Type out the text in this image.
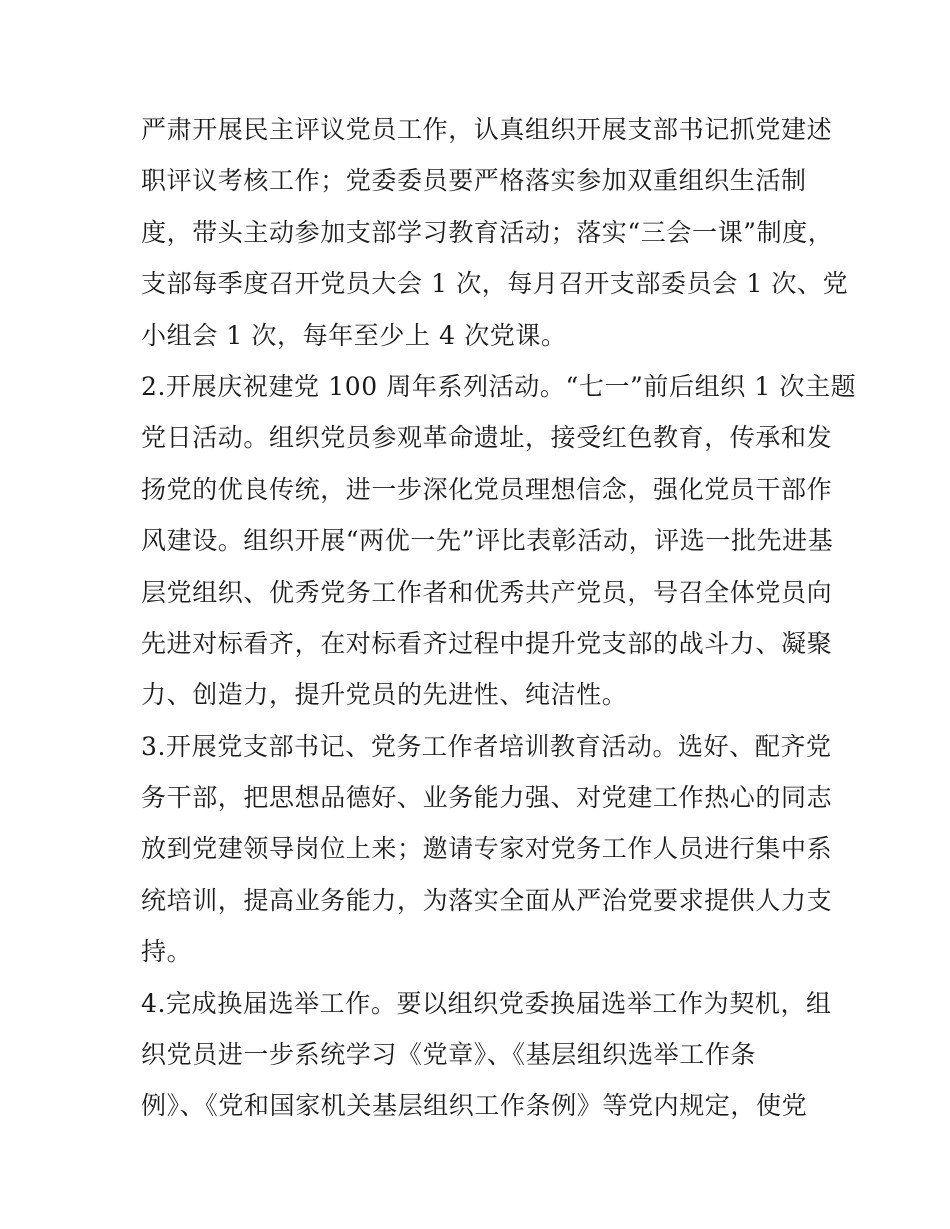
严肃开展民主评议党员工作，认真组织开展支部书记抓党建述
职评议考核工作；党委委员要严格落实参加双重组织生活制
度，带头主动参加支部学习教育活动；落实“三会一课”制度，
支部每季度召开党员大会 1 次，每月召开支部委员会 1 次、党
小组会 1 次，每年至少上 4 次党课。
2.开展庆祝建党 100 周年系列活动。“七一”前后组织 1 次主题
党日活动。组织党员参观革命遗址，接受红色教育，传承和发
扬党的优良传统，进一步深化党员理想信念，强化党员干部作
风建设。组织开展“两优一先”评比表彰活动，评选一批先进基
层党组织、优秀党务工作者和优秀共产党员，号召全体党员向
先进对标看齐，在对标看齐过程中提升党支部的战斗力、凝聚
力、创造力，提升党员的先进性、纯洁性。
3.开展党支部书记、党务工作者培训教育活动。选好、配齐党
务干部，把思想品德好、业务能力强、对党建工作热心的同志
放到党建领导岗位上来；邀请专家对党务工作人员进行集中系
统培训，提高业务能力，为落实全面从严治党要求提供人力支
持。
4.完成换届选举工作。要以组织党委换届选举工作为契机，组
织党员进一步系统学习《党章》、《基层组织选举工作条
例》、《党和国家机关基层组织工作条例》等党内规定，使党
